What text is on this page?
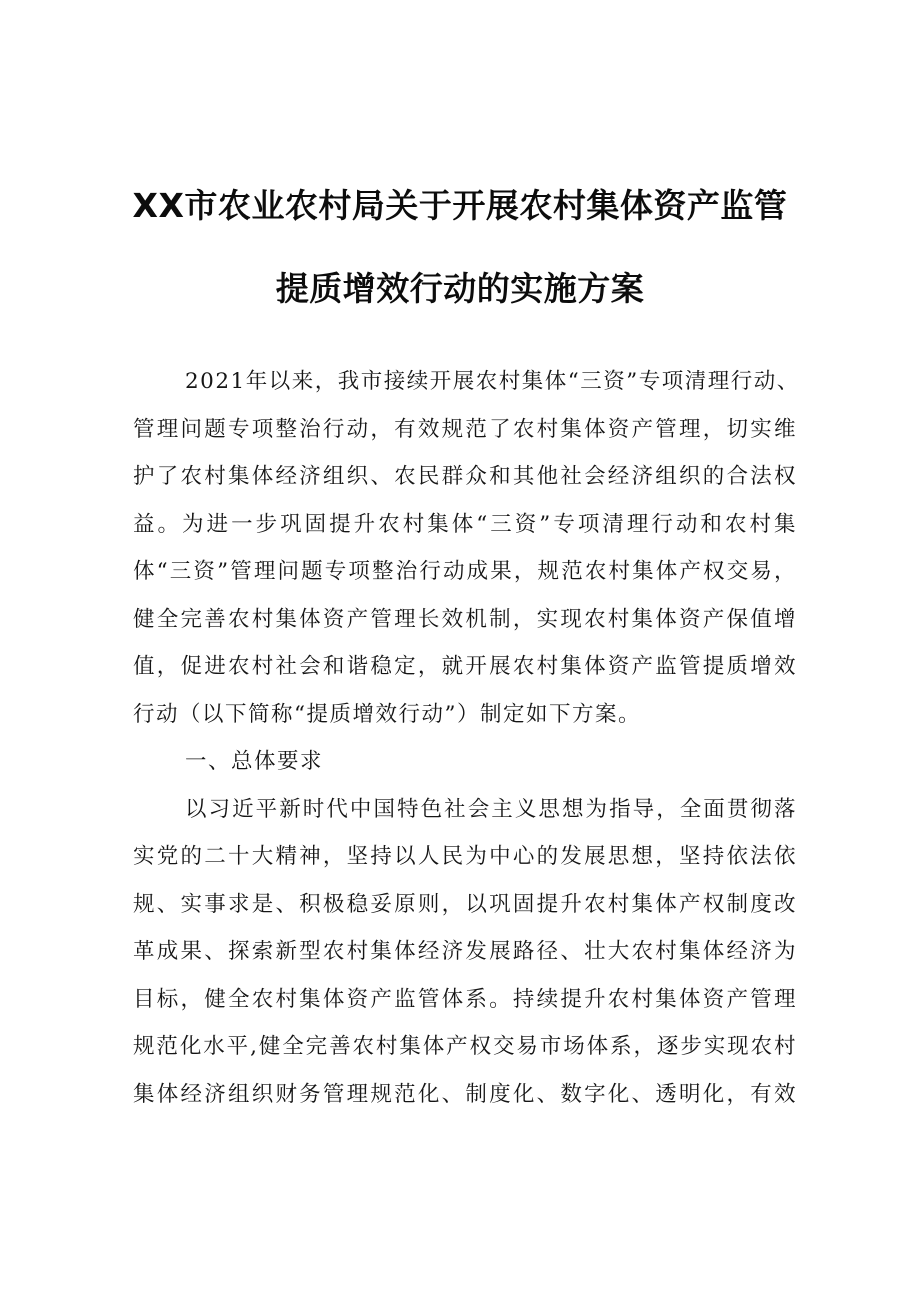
XX市农业农村局关于开展农村集体资产监管
提质增效行动的实施方案
2021年以来，我市接续开展农村集体“三资”专项清理行动、
管理问题专项整治行动，有效规范了农村集体资产管理，切实维
护了农村集体经济组织、农民群众和其他社会经济组织的合法权
益。为进一步巩固提升农村集体“三资”专项清理行动和农村集
体“三资”管理问题专项整治行动成果，规范农村集体产权交易，
健全完善农村集体资产管理长效机制，实现农村集体资产保值增
值，促进农村社会和谐稳定，就开展农村集体资产监管提质增效
行动（以下简称“提质增效行动”）制定如下方案。
一、总体要求
以习近平新时代中国特色社会主义思想为指导，全面贯彻落
实党的二十大精神，坚持以人民为中心的发展思想，坚持依法依
规、实事求是、积极稳妥原则，以巩固提升农村集体产权制度改
革成果、探索新型农村集体经济发展路径、壮大农村集体经济为
目标，健全农村集体资产监管体系。持续提升农村集体资产管理
规范化水平,健全完善农村集体产权交易市场体系，逐步实现农村
集体经济组织财务管理规范化、制度化、数字化、透明化，有效
